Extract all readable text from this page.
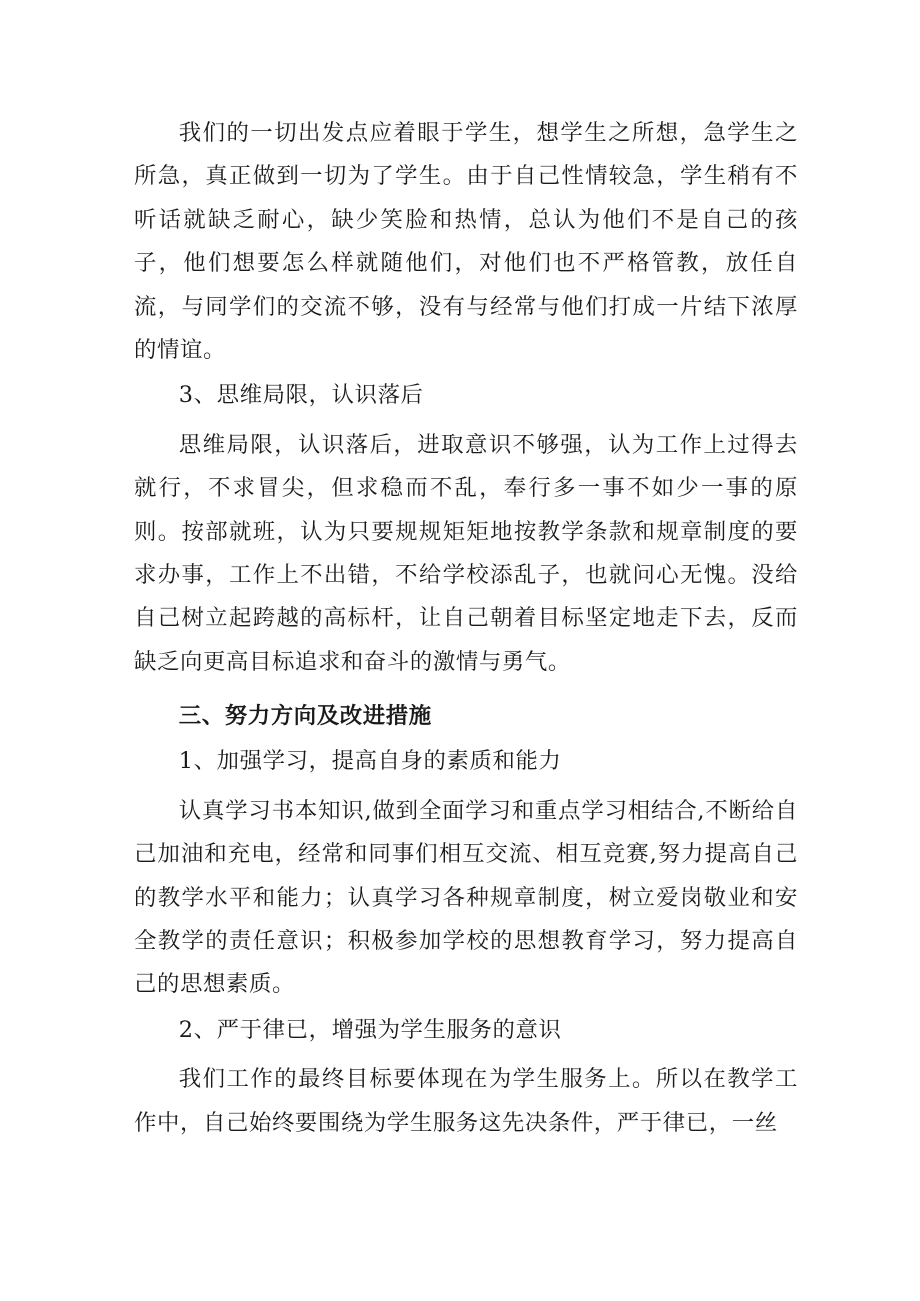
我们的一切出发点应着眼于学生，想学生之所想，急学生之所急，真正做到一切为了学生。由于自己性情较急，学生稍有不听话就缺乏耐心，缺少笑脸和热情，总认为他们不是自己的孩子，他们想要怎么样就随他们，对他们也不严格管教，放任自流，与同学们的交流不够，没有与经常与他们打成一片结下浓厚的情谊。

3、思维局限，认识落后

思维局限，认识落后，进取意识不够强，认为工作上过得去就行，不求冒尖，但求稳而不乱，奉行多一事不如少一事的原则。按部就班，认为只要规规矩矩地按教学条款和规章制度的要求办事，工作上不出错，不给学校添乱子，也就问心无愧。没给自己树立起跨越的高标杆，让自己朝着目标坚定地走下去，反而缺乏向更高目标追求和奋斗的激情与勇气。

三、努力方向及改进措施

1、加强学习，提高自身的素质和能力

认真学习书本知识,做到全面学习和重点学习相结合,不断给自己加油和充电，经常和同事们相互交流、相互竞赛,努力提高自己的教学水平和能力；认真学习各种规章制度，树立爱岗敬业和安全教学的责任意识；积极参加学校的思想教育学习，努力提高自己的思想素质。

2、严于律已，增强为学生服务的意识

我们工作的最终目标要体现在为学生服务上。所以在教学工作中，自己始终要围绕为学生服务这先决条件，严于律已，一丝
